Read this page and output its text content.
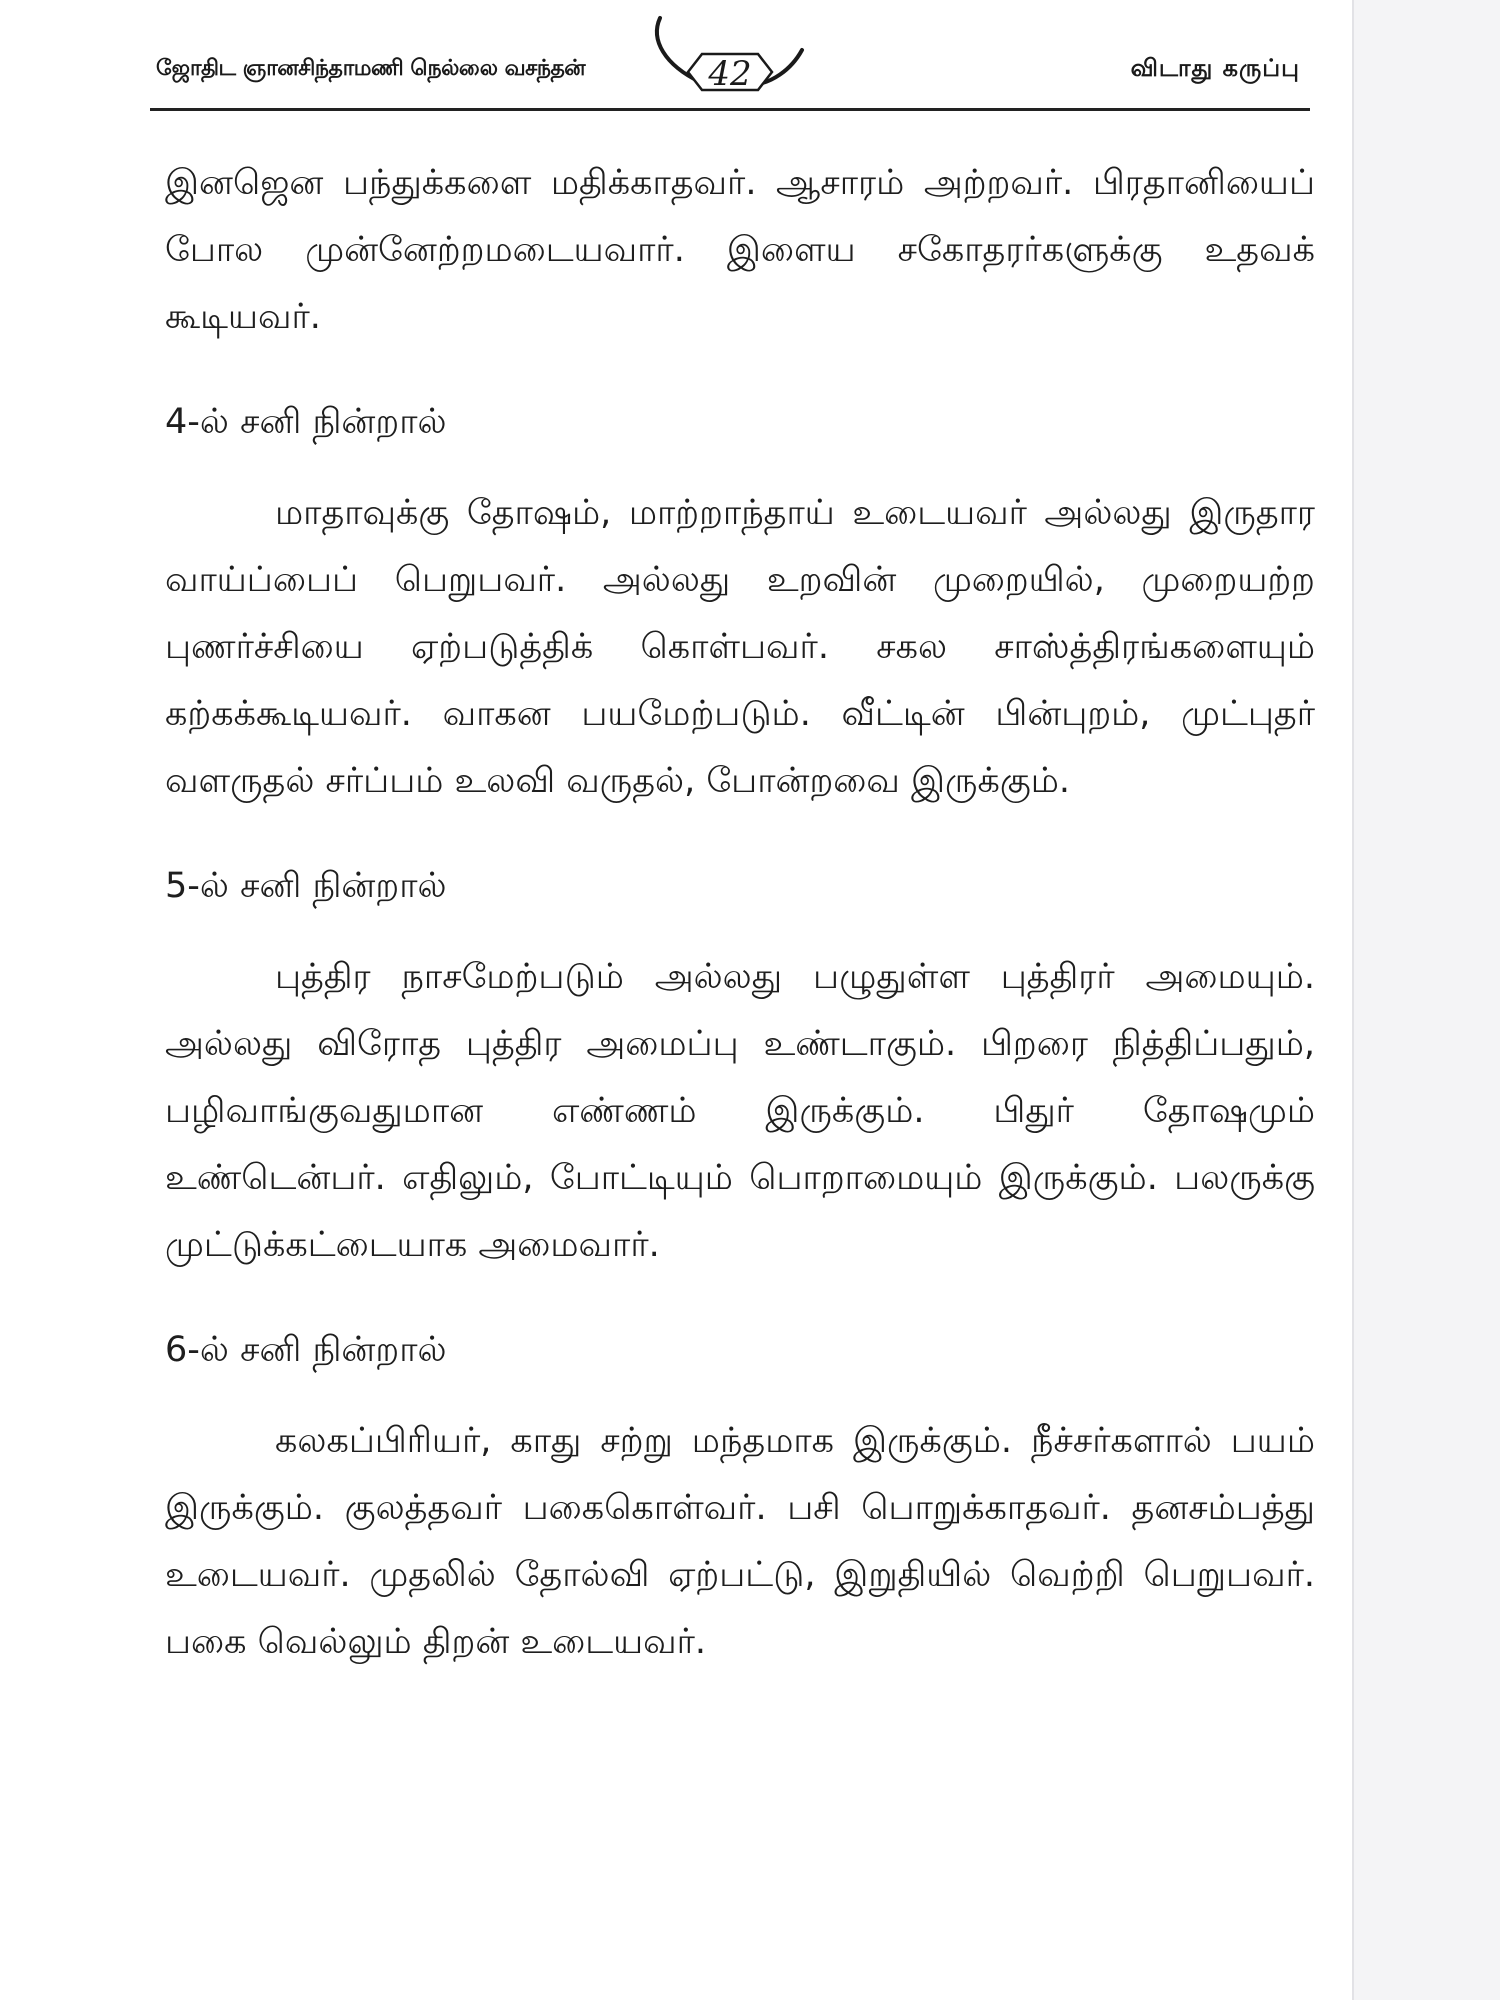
ஜோதிட ஞானசிந்தாமணி நெல்லை வசந்தன்	42	விடாது கருப்பு

இனஜென பந்துக்களை மதிக்காதவர். ஆசாரம் அற்றவர். பிரதானியைப் போல முன்னேற்றமடையவார். இளைய சகோதரர்களுக்கு உதவக் கூடியவர்.

4-ல் சனி நின்றால்

மாதாவுக்கு தோஷம், மாற்றாந்தாய் உடையவர் அல்லது இருதார வாய்ப்பைப் பெறுபவர். அல்லது உறவின் முறையில், முறையற்ற புணர்ச்சியை ஏற்படுத்திக் கொள்பவர். சகல சாஸ்த்திரங்களையும் கற்கக்கூடியவர். வாகன பயமேற்படும். வீட்டின் பின்புறம், முட்புதர் வளருதல் சர்ப்பம் உலவி வருதல், போன்றவை இருக்கும்.

5-ல் சனி நின்றால்

புத்திர நாசமேற்படும் அல்லது பழுதுள்ள புத்திரர் அமையும். அல்லது விரோத புத்திர அமைப்பு உண்டாகும். பிறரை நித்திப்பதும், பழிவாங்குவதுமான எண்ணம் இருக்கும். பிதுர் தோஷமும் உண்டென்பர். எதிலும், போட்டியும் பொறாமையும் இருக்கும். பலருக்கு முட்டுக்கட்டையாக அமைவார்.

6-ல் சனி நின்றால்

கலகப்பிரியர், காது சற்று மந்தமாக இருக்கும். நீச்சர்களால் பயம் இருக்கும். குலத்தவர் பகைகொள்வர். பசி பொறுக்காதவர். தனசம்பத்து உடையவர். முதலில் தோல்வி ஏற்பட்டு, இறுதியில் வெற்றி பெறுபவர். பகை வெல்லும் திறன் உடையவர்.
